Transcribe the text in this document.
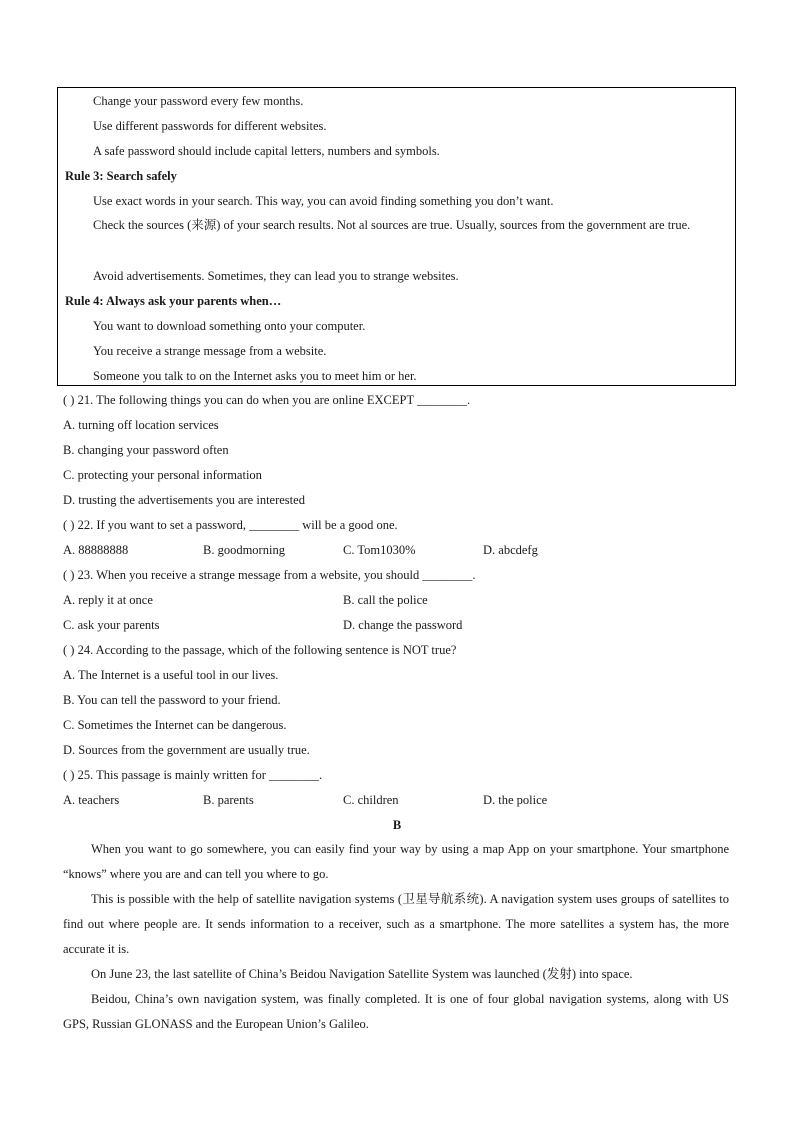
Change your password every few months.
Use different passwords for different websites.
A safe password should include capital letters, numbers and symbols.
Rule 3: Search safely
Use exact words in your search. This way, you can avoid finding something you don’t want.
Check the sources (来源) of your search results. Not al sources are true. Usually, sources from the government are true.
Avoid advertisements. Sometimes, they can lead you to strange websites.
Rule 4: Always ask your parents when…
You want to download something onto your computer.
You receive a strange message from a website.
Someone you talk to on the Internet asks you to meet him or her.
( ) 21. The following things you can do when you are online EXCEPT ________.
A. turning off location services
B. changing your password often
C. protecting your personal information
D. trusting the advertisements you are interested
( ) 22. If you want to set a password, ________ will be a good one.
A. 88888888	B. goodmorning	C. Tom1030%	D. abcdefg
( ) 23. When you receive a strange message from a website, you should ________.
A. reply it at once	B. call the police
C. ask your parents	D. change the password
( ) 24. According to the passage, which of the following sentence is NOT true?
A. The Internet is a useful tool in our lives.
B. You can tell the password to your friend.
C. Sometimes the Internet can be dangerous.
D. Sources from the government are usually true.
( ) 25. This passage is mainly written for ________.
A. teachers	B. parents	C. children	D. the police
B
When you want to go somewhere, you can easily find your way by using a map App on your smartphone. Your smartphone “knows” where you are and can tell you where to go.
This is possible with the help of satellite navigation systems (卫星导航系统). A navigation system uses groups of satellites to find out where people are. It sends information to a receiver, such as a smartphone. The more satellites a system has, the more accurate it is.
On June 23, the last satellite of China’s Beidou Navigation Satellite System was launched (发射) into space.
Beidou, China’s own navigation system, was finally completed. It is one of four global navigation systems, along with US GPS, Russian GLONASS and the European Union’s Galileo.
